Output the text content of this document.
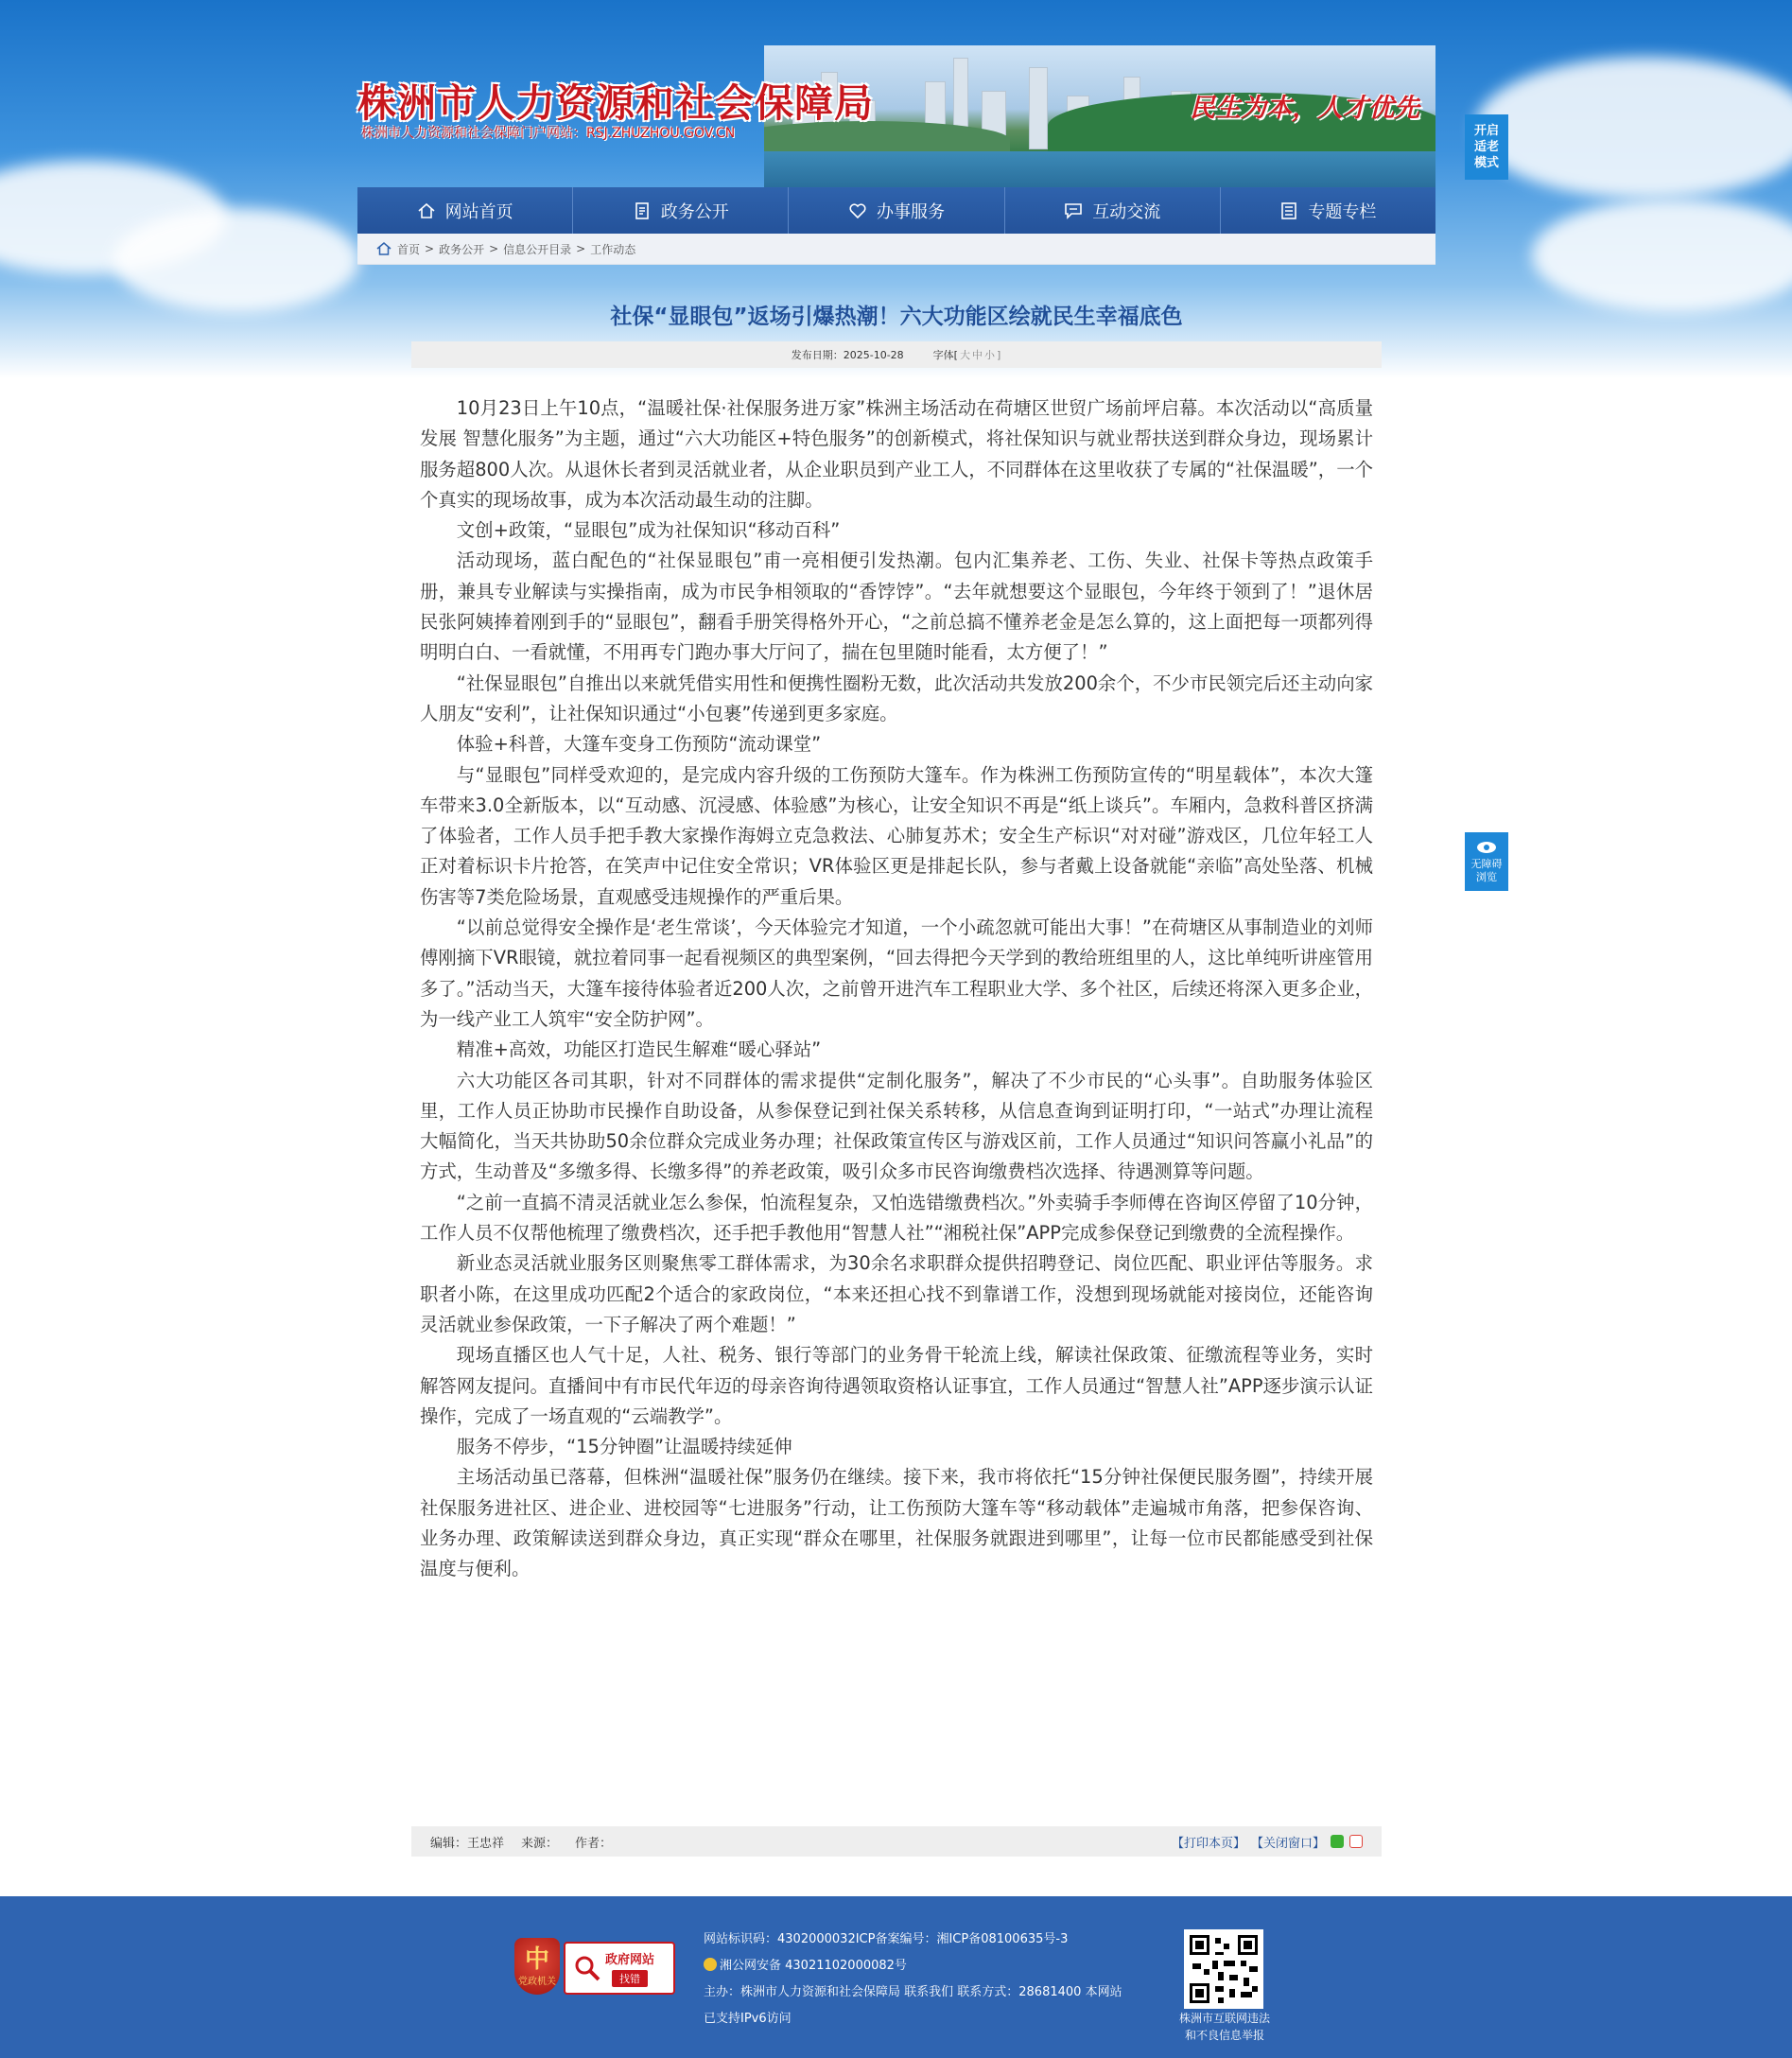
株洲市人力资源和社会保障局
株洲市人力资源和社会保障门户网站：RSJ.ZHUZHOU.GOV.CN
民生为本，人才优先
开启适老模式
无障碍浏览
网站首页	政务公开	办事服务	互动交流	专题专栏
首页 > 政务公开 > 信息公开目录 > 工作动态
社保“显眼包”返场引爆热潮！六大功能区绘就民生幸福底色
发布日期：2025-10-28	字体[ 大 中 小 ]

10月23日上午10点，“温暖社保·社保服务进万家”株洲主场活动在荷塘区世贸广场前坪启幕。本次活动以“高质量发展 智慧化服务”为主题，通过“六大功能区+特色服务”的创新模式，将社保知识与就业帮扶送到群众身边，现场累计服务超800人次。从退休长者到灵活就业者，从企业职员到产业工人，不同群体在这里收获了专属的“社保温暖”，一个个真实的现场故事，成为本次活动最生动的注脚。

文创+政策，“显眼包”成为社保知识“移动百科”

活动现场，蓝白配色的“社保显眼包”甫一亮相便引发热潮。包内汇集养老、工伤、失业、社保卡等热点政策手册，兼具专业解读与实操指南，成为市民争相领取的“香饽饽”。“去年就想要这个显眼包，今年终于领到了！”退休居民张阿姨捧着刚到手的“显眼包”，翻看手册笑得格外开心，“之前总搞不懂养老金是怎么算的，这上面把每一项都列得明明白白、一看就懂，不用再专门跑办事大厅问了，揣在包里随时能看，太方便了！”

“社保显眼包”自推出以来就凭借实用性和便携性圈粉无数，此次活动共发放200余个，不少市民领完后还主动向家人朋友“安利”，让社保知识通过“小包裹”传递到更多家庭。

体验+科普，大篷车变身工伤预防“流动课堂”

与“显眼包”同样受欢迎的，是完成内容升级的工伤预防大篷车。作为株洲工伤预防宣传的“明星载体”，本次大篷车带来3.0全新版本，以“互动感、沉浸感、体验感”为核心，让安全知识不再是“纸上谈兵”。车厢内，急救科普区挤满了体验者，工作人员手把手教大家操作海姆立克急救法、心肺复苏术；安全生产标识“对对碰”游戏区，几位年轻工人正对着标识卡片抢答，在笑声中记住安全常识；VR体验区更是排起长队，参与者戴上设备就能“亲临”高处坠落、机械伤害等7类危险场景，直观感受违规操作的严重后果。

“以前总觉得安全操作是‘老生常谈’，今天体验完才知道，一个小疏忽就可能出大事！”在荷塘区从事制造业的刘师傅刚摘下VR眼镜，就拉着同事一起看视频区的典型案例，“回去得把今天学到的教给班组里的人，这比单纯听讲座管用多了。”活动当天，大篷车接待体验者近200人次，之前曾开进汽车工程职业大学、多个社区，后续还将深入更多企业，为一线产业工人筑牢“安全防护网”。

精准+高效，功能区打造民生解难“暖心驿站”

六大功能区各司其职，针对不同群体的需求提供“定制化服务”，解决了不少市民的“心头事”。自助服务体验区里，工作人员正协助市民操作自助设备，从参保登记到社保关系转移，从信息查询到证明打印，“一站式”办理让流程大幅简化，当天共协助50余位群众完成业务办理；社保政策宣传区与游戏区前，工作人员通过“知识问答赢小礼品”的方式，生动普及“多缴多得、长缴多得”的养老政策，吸引众多市民咨询缴费档次选择、待遇测算等问题。

“之前一直搞不清灵活就业怎么参保，怕流程复杂，又怕选错缴费档次。”外卖骑手李师傅在咨询区停留了10分钟，工作人员不仅帮他梳理了缴费档次，还手把手教他用“智慧人社”“湘税社保”APP完成参保登记到缴费的全流程操作。

新业态灵活就业服务区则聚焦零工群体需求，为30余名求职群众提供招聘登记、岗位匹配、职业评估等服务。求职者小陈，在这里成功匹配2个适合的家政岗位，“本来还担心找不到靠谱工作，没想到现场就能对接岗位，还能咨询灵活就业参保政策，一下子解决了两个难题！”

现场直播区也人气十足，人社、税务、银行等部门的业务骨干轮流上线，解读社保政策、征缴流程等业务，实时解答网友提问。直播间中有市民代年迈的母亲咨询待遇领取资格认证事宜，工作人员通过“智慧人社”APP逐步演示认证操作，完成了一场直观的“云端教学”。

服务不停步，“15分钟圈”让温暖持续延伸

主场活动虽已落幕，但株洲“温暖社保”服务仍在继续。接下来，我市将依托“15分钟社保便民服务圈”，持续开展社保服务进社区、进企业、进校园等“七进服务”行动，让工伤预防大篷车等“移动载体”走遍城市角落，把参保咨询、业务办理、政策解读送到群众身边，真正实现“群众在哪里，社保服务就跟进到哪里”，让每一位市民都能感受到社保温度与便利。

编辑：王忠祥 来源： 作者：	【打印本页】 【关闭窗口】
中
党政机关
政府网站
找错
网站标识码：4302000032ICP备案编号：湘ICP备08100635号-3
湘公网安备 43021102000082号
主办：株洲市人力资源和社会保障局 联系我们 联系方式：28681400 本网站
已支持IPv6访问	株洲市互联网违法
和不良信息举报
